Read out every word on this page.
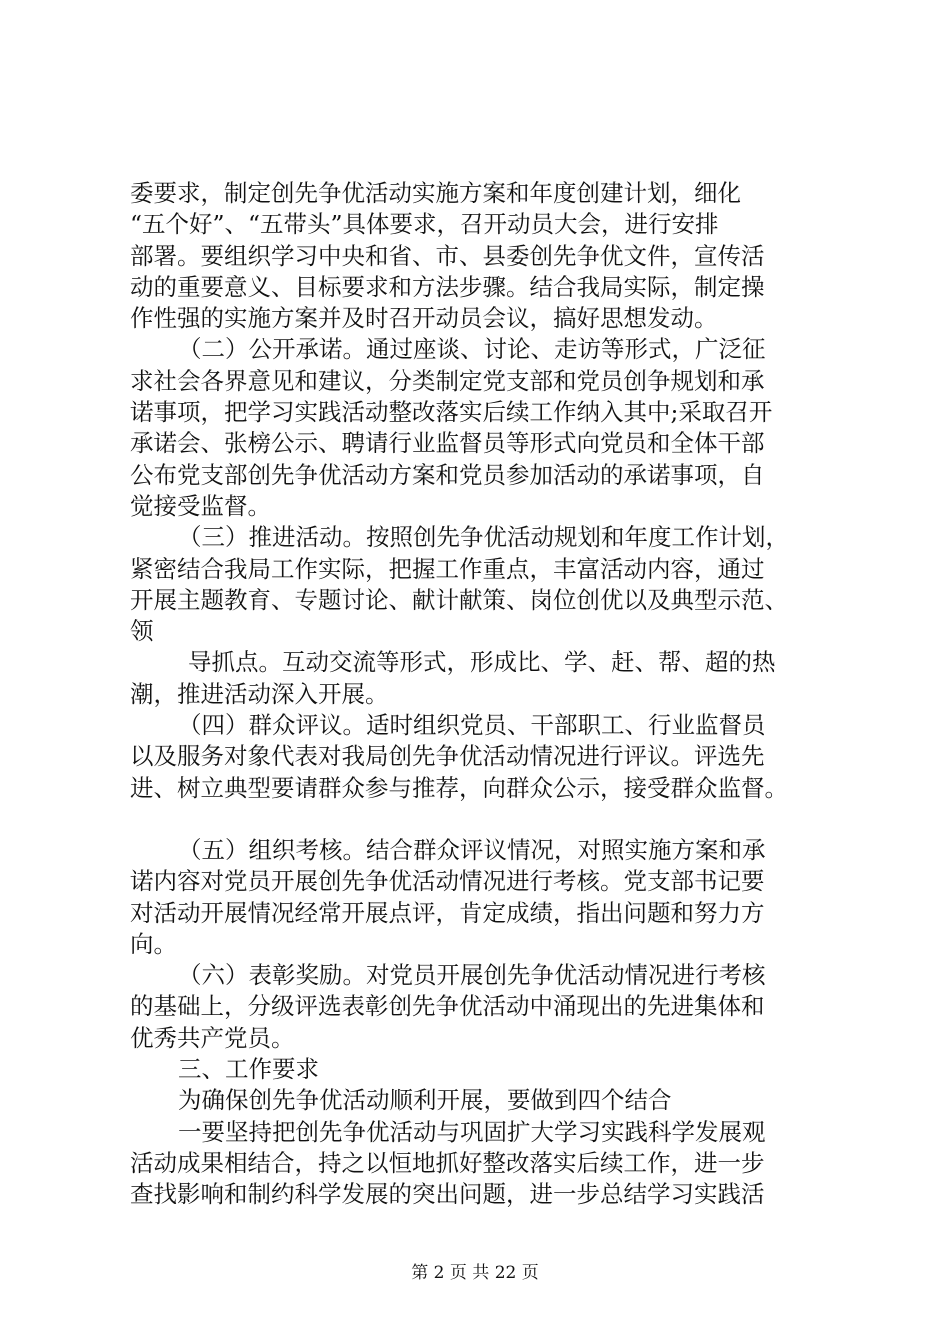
委要求，制定创先争优活动实施方案和年度创建计划，细化
“五个好”、“五带头”具体要求，召开动员大会，进行安排
部署。要组织学习中央和省、市、县委创先争优文件，宣传活
动的重要意义、目标要求和方法步骤。结合我局实际，制定操
作性强的实施方案并及时召开动员会议，搞好思想发动。
（二）公开承诺。通过座谈、讨论、走访等形式，广泛征
求社会各界意见和建议，分类制定党支部和党员创争规划和承
诺事项，把学习实践活动整改落实后续工作纳入其中;采取召开
承诺会、张榜公示、聘请行业监督员等形式向党员和全体干部
公布党支部创先争优活动方案和党员参加活动的承诺事项，自
觉接受监督。
（三）推进活动。按照创先争优活动规划和年度工作计划，
紧密结合我局工作实际，把握工作重点，丰富活动内容，通过
开展主题教育、专题讨论、献计献策、岗位创优以及典型示范、
领
导抓点。互动交流等形式，形成比、学、赶、帮、超的热
潮，推进活动深入开展。
（四）群众评议。适时组织党员、干部职工、行业监督员
以及服务对象代表对我局创先争优活动情况进行评议。评选先
进、树立典型要请群众参与推荐，向群众公示，接受群众监督。
（五）组织考核。结合群众评议情况，对照实施方案和承
诺内容对党员开展创先争优活动情况进行考核。党支部书记要
对活动开展情况经常开展点评，肯定成绩，指出问题和努力方
向。
（六）表彰奖励。对党员开展创先争优活动情况进行考核
的基础上，分级评选表彰创先争优活动中涌现出的先进集体和
优秀共产党员。
三、工作要求
为确保创先争优活动顺利开展，要做到四个结合
一要坚持把创先争优活动与巩固扩大学习实践科学发展观
活动成果相结合，持之以恒地抓好整改落实后续工作，进一步
查找影响和制约科学发展的突出问题，进一步总结学习实践活
第 2 页 共 22 页
